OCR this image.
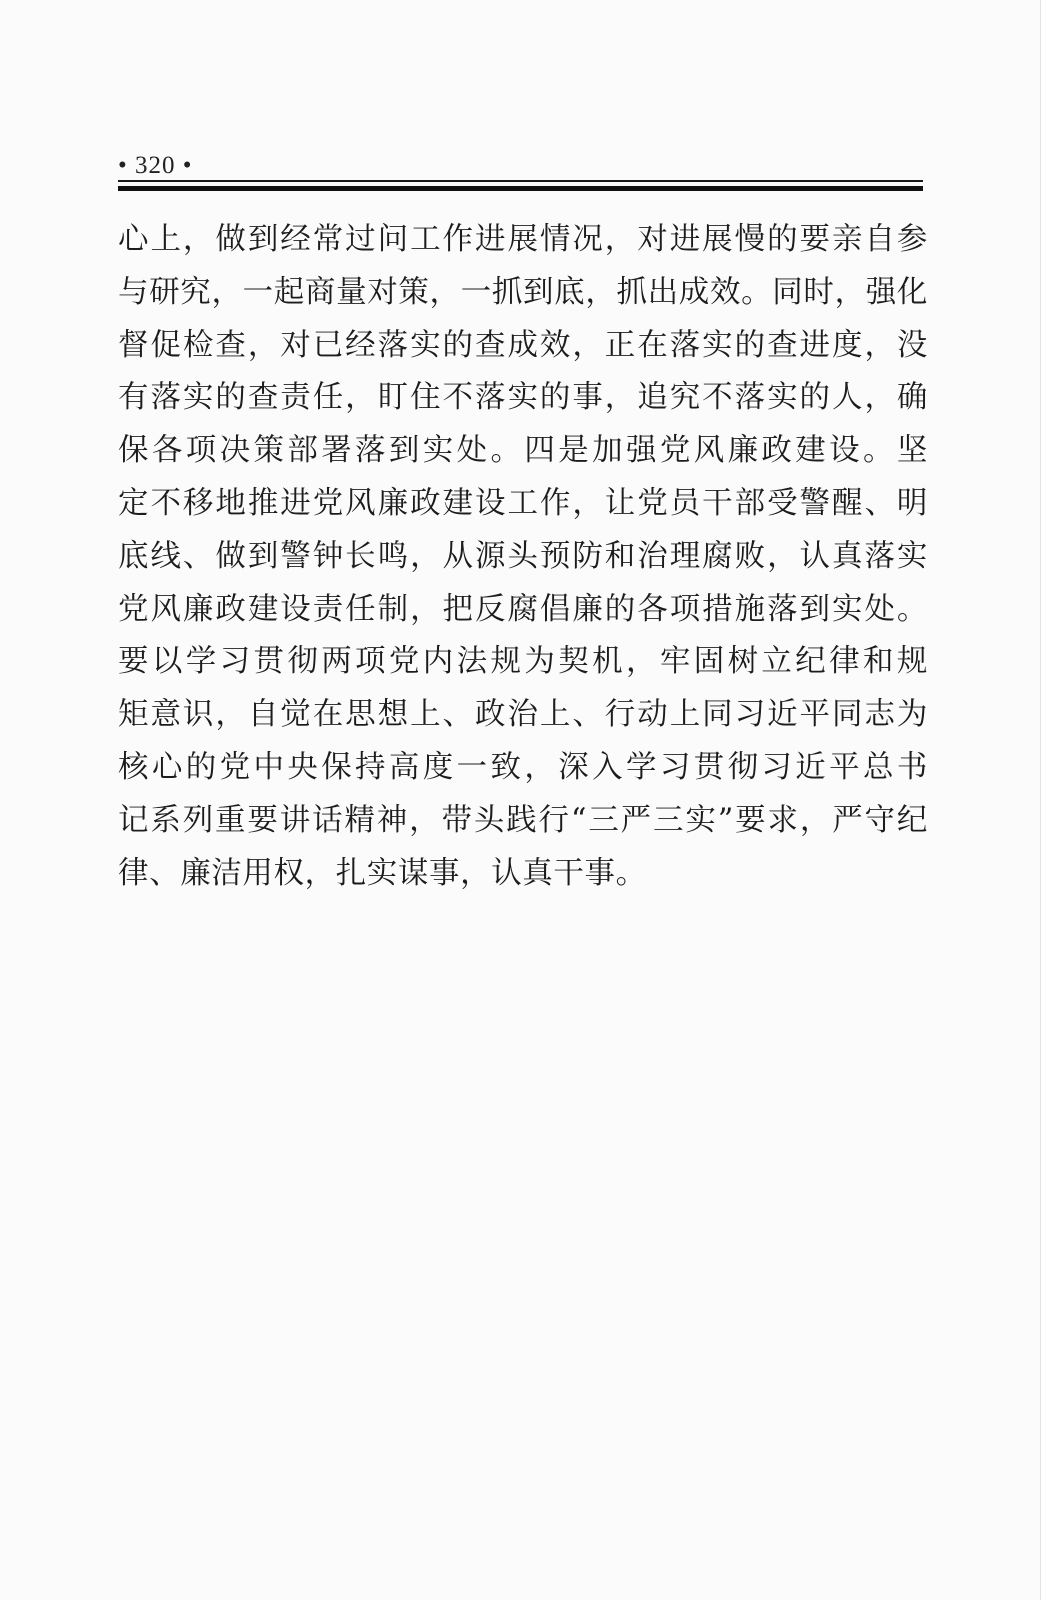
• 320 •
心上，做到经常过问工作进展情况，对进展慢的要亲自参
与研究，一起商量对策，一抓到底，抓出成效。同时，强化
督促检查，对已经落实的查成效，正在落实的查进度，没
有落实的查责任，盯住不落实的事，追究不落实的人，确
保各项决策部署落到实处。四是加强党风廉政建设。坚
定不移地推进党风廉政建设工作，让党员干部受警醒、明
底线、做到警钟长鸣，从源头预防和治理腐败，认真落实
党风廉政建设责任制，把反腐倡廉的各项措施落到实处。
要以学习贯彻两项党内法规为契机，牢固树立纪律和规
矩意识，自觉在思想上、政治上、行动上同习近平同志为
核心的党中央保持高度一致，深入学习贯彻习近平总书
记系列重要讲话精神，带头践行“三严三实”要求，严守纪
律、廉洁用权，扎实谋事，认真干事。
